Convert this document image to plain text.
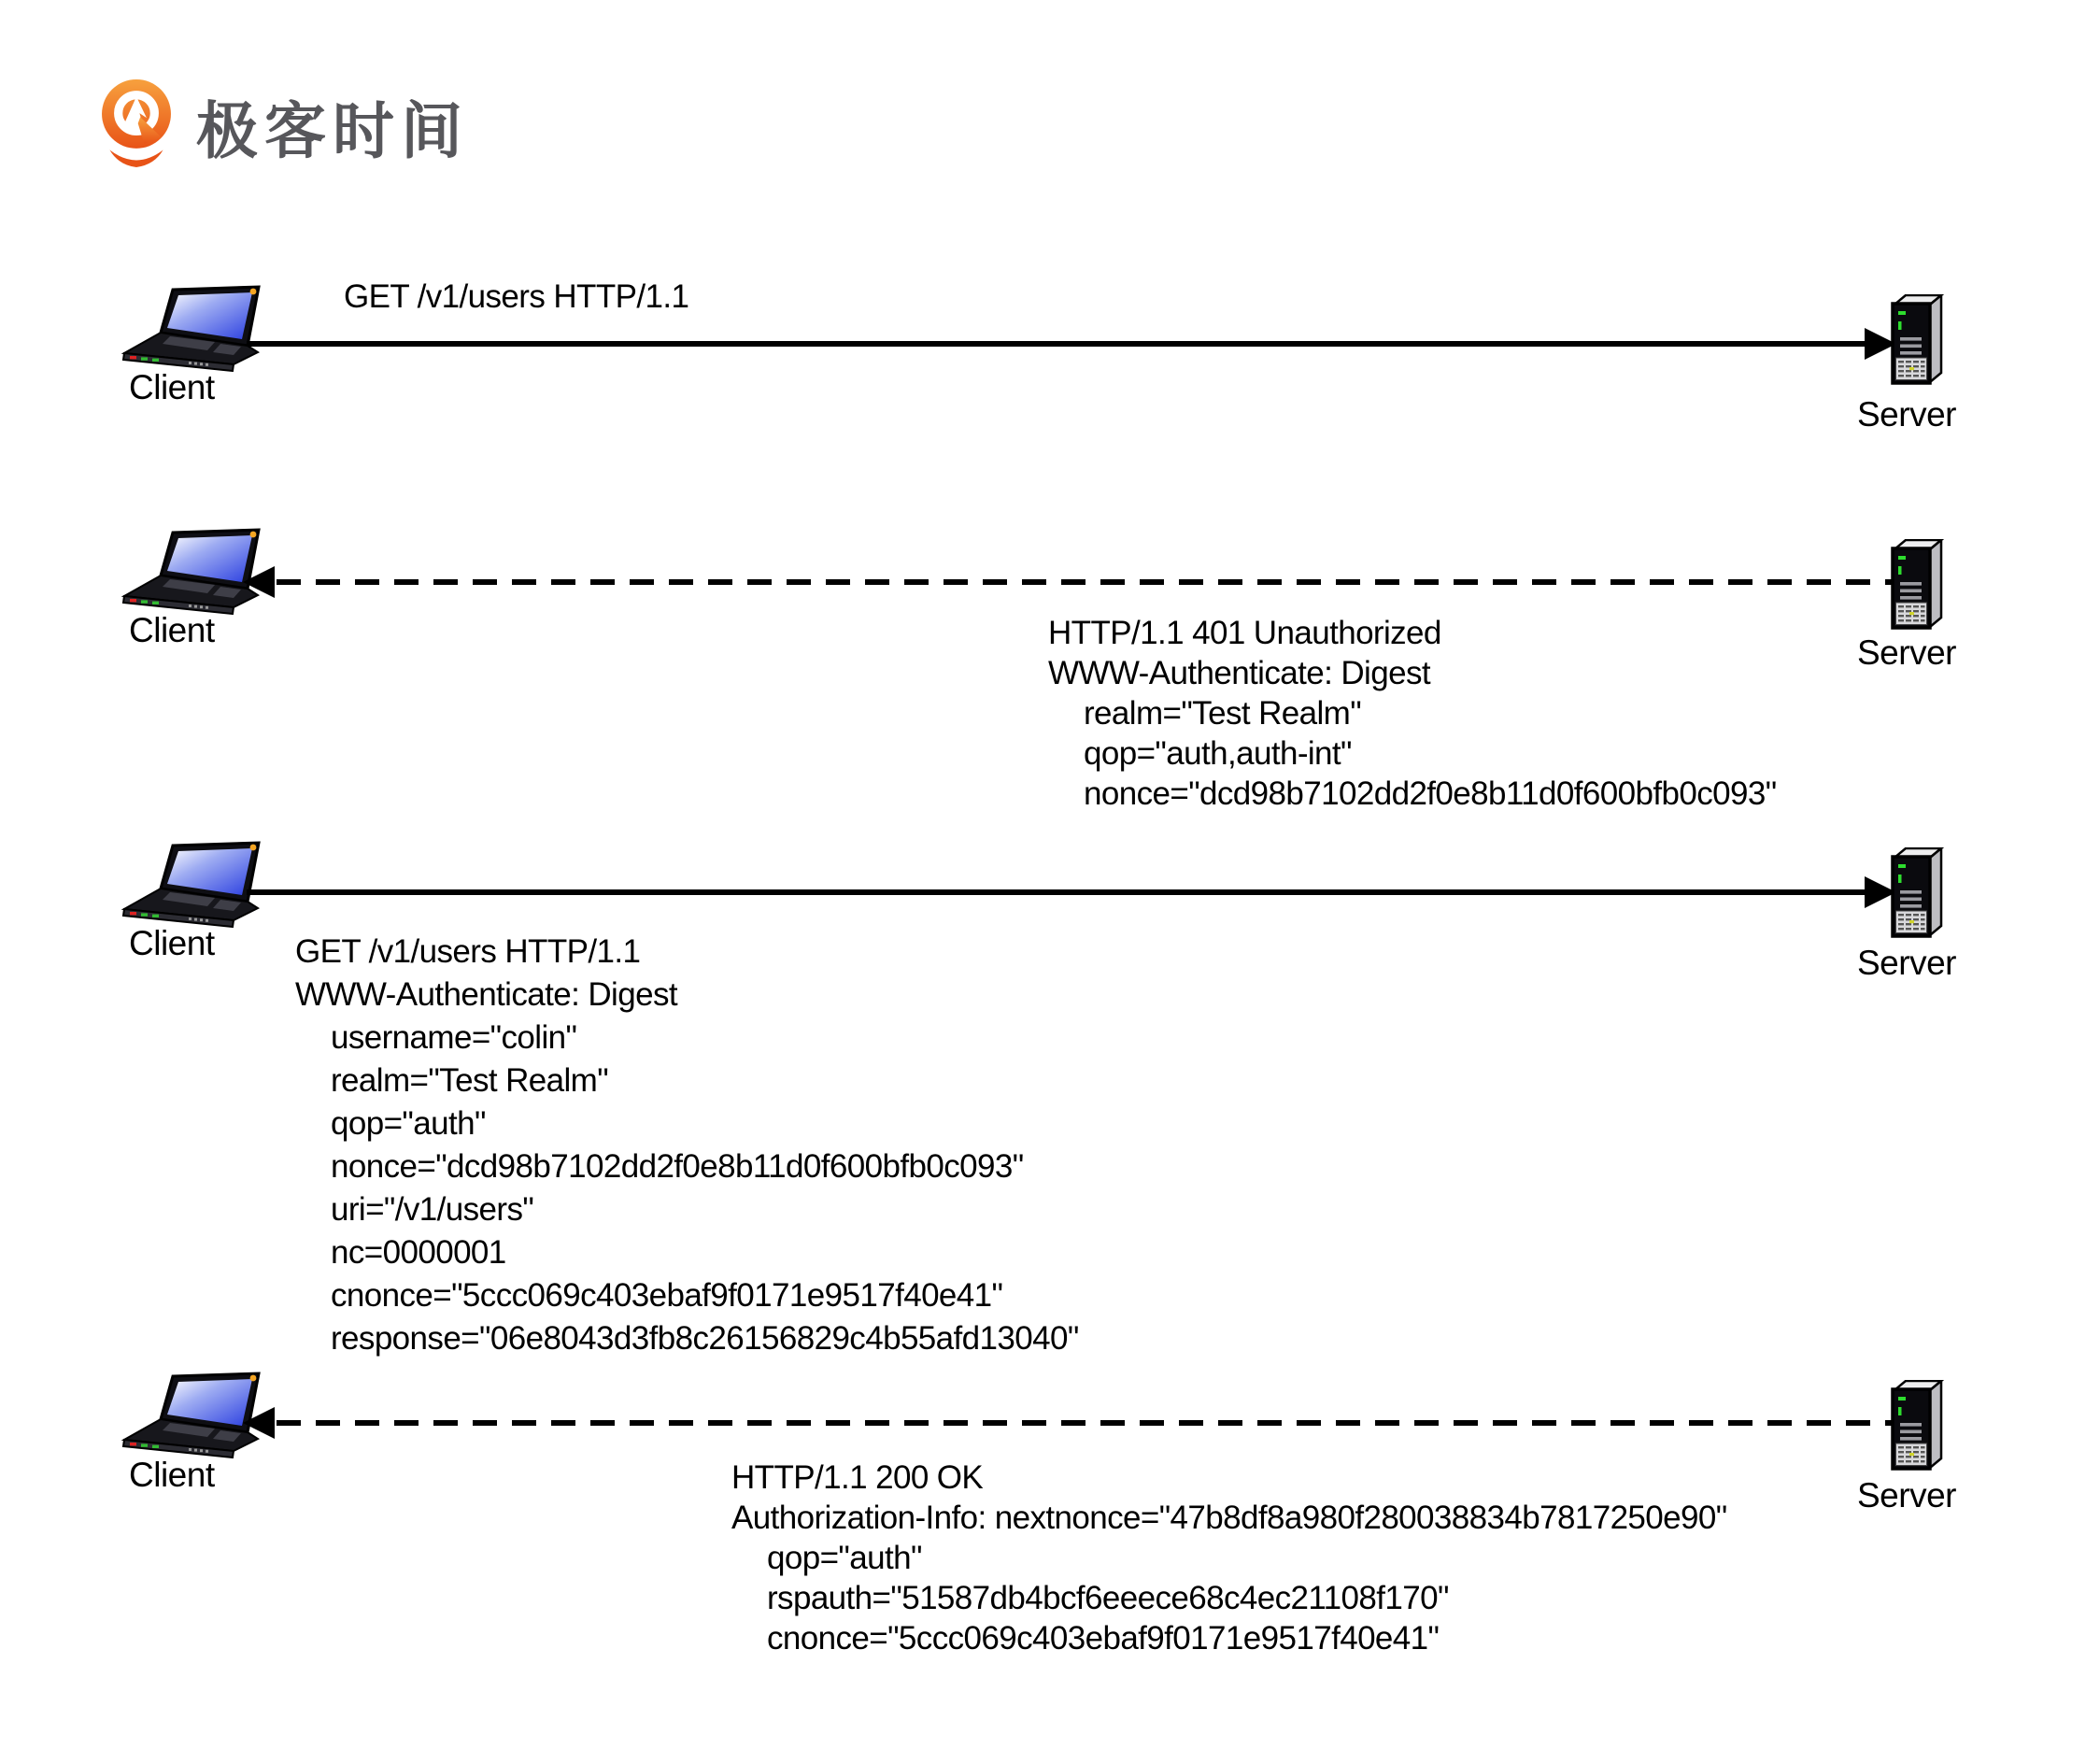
极客时间
Client
GET /v1/users HTTP/1.1
Server
Client	HTTP/1.1 401 Unauthorized
WWW-Authenticate: Digest
realm="Test Realm"
qop="auth,auth-int"
nonce="dcd98b7102dd2f0e8b11d0f600bfb0c093"
Server
Client GET /v1/users HTTP/1.1
WWW-Authenticate: Digest
username="colin"
realm="Test Realm"
qop="auth"
nonce="dcd98b7102dd2f0e8b11d0f600bfb0c093"
uri="/v1/users"
nc=0000001
cnonce="5ccc069c403ebaf9f0171e9517f40e41"
response="06e8043d3fb8c26156829c4b55afd13040"
Server
Client	HTTP/1.1 200 OK
Authorization-Info: nextnonce="47b8df8a980f280038834b7817250e90"
qop="auth"
rspauth="51587db4bcf6eeece68c4ec21108f170"
cnonce="5ccc069c403ebaf9f0171e9517f40e41"
Server
